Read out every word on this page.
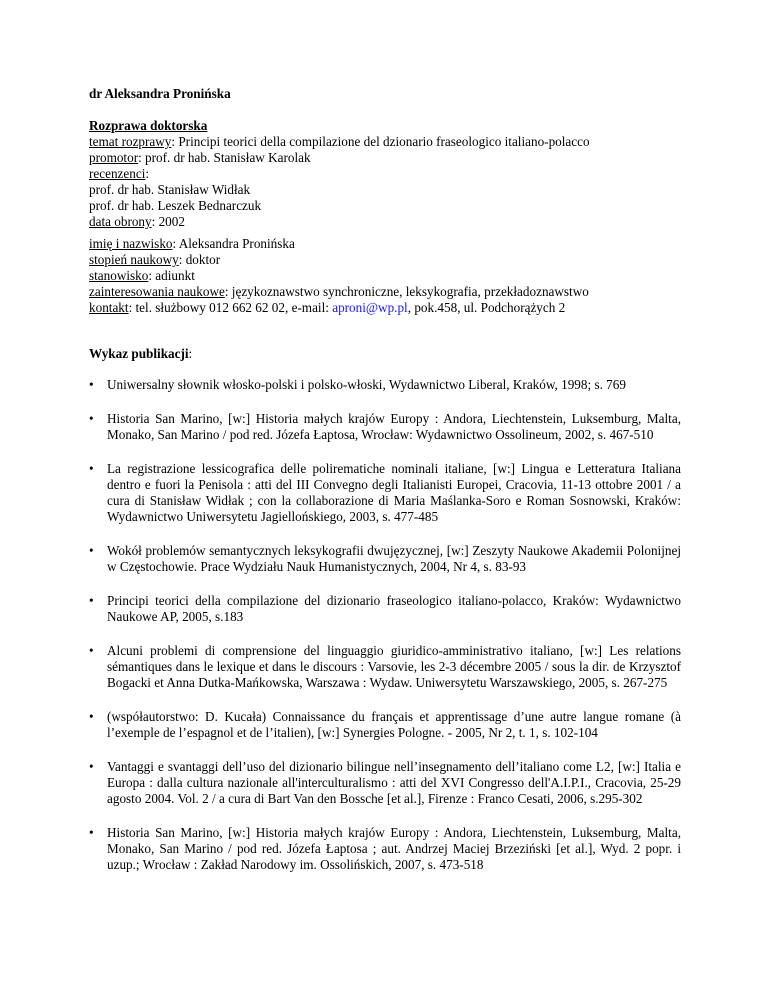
dr Aleksandra Pronińska
Rozprawa doktorska
temat rozprawy: Principi teorici della compilazione del dzionario fraseologico italiano-polacco
promotor: prof. dr hab. Stanisław Karolak
recenzenci:
prof. dr hab. Stanisław Widłak
prof. dr hab. Leszek Bednarczuk
data obrony: 2002
imię i nazwisko: Aleksandra Pronińska
stopień naukowy: doktor
stanowisko: adiunkt
zainteresowania naukowe: językoznawstwo synchroniczne, leksykografia, przekładoznawstwo
kontakt: tel. służbowy 012 662 62 02, e-mail: aproni@wp.pl, pok.458, ul. Podchorążych 2
Wykaz publikacji:
• Uniwersalny słownik włosko-polski i polsko-włoski, Wydawnictwo Liberal, Kraków, 1998; s. 769
• Historia San Marino, [w:] Historia małych krajów Europy : Andora, Liechtenstein, Luksemburg, Malta, Monako, San Marino / pod red. Józefa Łaptosa, Wrocław: Wydawnictwo Ossolineum, 2002, s. 467-510
• La registrazione lessicografica delle polirematiche nominali italiane, [w:] Lingua e Letteratura Italiana dentro e fuori la Penisola : atti del III Convegno degli Italianisti Europei, Cracovia, 11-13 ottobre 2001 / a cura di Stanisław Widłak ; con la collaborazione di Maria Maślanka-Soro e Roman Sosnowski, Kraków: Wydawnictwo Uniwersytetu Jagiellońskiego, 2003, s. 477-485
• Wokół problemów semantycznych leksykografii dwujęzycznej, [w:] Zeszyty Naukowe Akademii Polonijnej w Częstochowie. Prace Wydziału Nauk Humanistycznych, 2004, Nr 4, s. 83-93
• Principi teorici della compilazione del dizionario fraseologico italiano-polacco, Kraków: Wydawnictwo Naukowe AP, 2005, s.183
• Alcuni problemi di comprensione del linguaggio giuridico-amministrativo italiano, [w:] Les relations sémantiques dans le lexique et dans le discours : Varsovie, les 2-3 décembre 2005 / sous la dir. de Krzysztof Bogacki et Anna Dutka-Mańkowska, Warszawa : Wydaw. Uniwersytetu Warszawskiego, 2005, s. 267-275
• (współautorstwo: D. Kucała) Connaissance du français et apprentissage d’une autre langue romane (à l’exemple de l’espagnol et de l’italien), [w:] Synergies Pologne. - 2005, Nr 2, t. 1, s. 102-104
• Vantaggi e svantaggi dell’uso del dizionario bilingue nell’insegnamento dell’italiano come L2, [w:] Italia e Europa : dalla cultura nazionale all'interculturalismo : atti del XVI Congresso dell'A.I.P.I., Cracovia, 25-29 agosto 2004. Vol. 2 / a cura di Bart Van den Bossche [et al.], Firenze : Franco Cesati, 2006, s.295-302
• Historia San Marino, [w:] Historia małych krajów Europy : Andora, Liechtenstein, Luksemburg, Malta, Monako, San Marino / pod red. Józefa Łaptosa ; aut. Andrzej Maciej Brzeziński [et al.], Wyd. 2 popr. i uzup.; Wrocław : Zakład Narodowy im. Ossolińskich, 2007, s. 473-518
